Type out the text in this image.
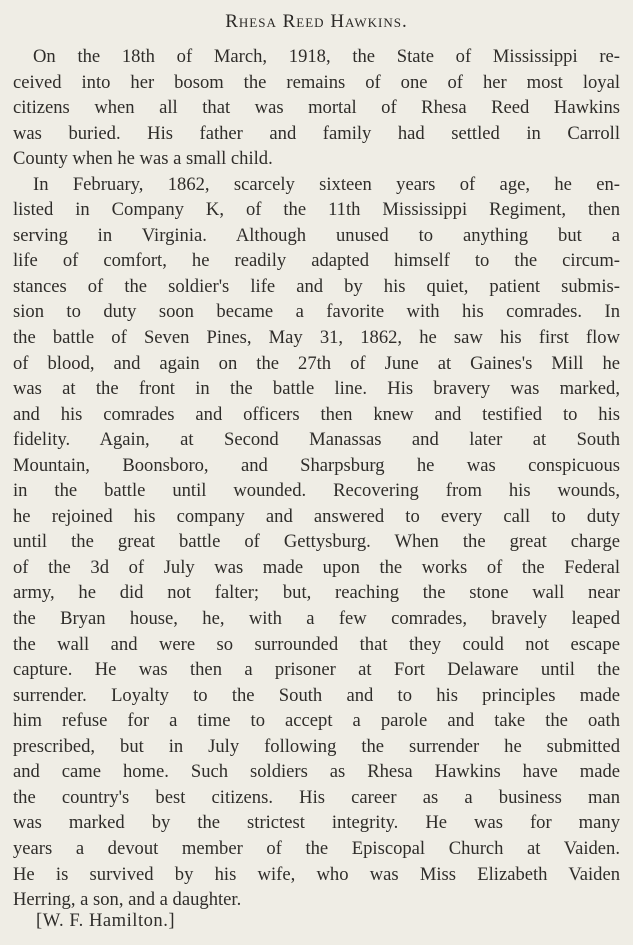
Rhesa Reed Hawkins.
On the 18th of March, 1918, the State of Mississippi re-
ceived into her bosom the remains of one of her most loyal
citizens when all that was mortal of Rhesa Reed Hawkins
was buried. His father and family had settled in Carroll
County when he was a small child.
In February, 1862, scarcely sixteen years of age, he en-
listed in Company K, of the 11th Mississippi Regiment, then
serving in Virginia. Although unused to anything but a
life of comfort, he readily adapted himself to the circum-
stances of the soldier's life and by his quiet, patient submis-
sion to duty soon became a favorite with his comrades. In
the battle of Seven Pines, May 31, 1862, he saw his first flow
of blood, and again on the 27th of June at Gaines's Mill he
was at the front in the battle line. His bravery was marked,
and his comrades and officers then knew and testified to his
fidelity. Again, at Second Manassas and later at South
Mountain, Boonsboro, and Sharpsburg he was conspicuous
in the battle until wounded. Recovering from his wounds,
he rejoined his company and answered to every call to duty
until the great battle of Gettysburg. When the great charge
of the 3d of July was made upon the works of the Federal
army, he did not falter; but, reaching the stone wall near
the Bryan house, he, with a few comrades, bravely leaped
the wall and were so surrounded that they could not escape
capture. He was then a prisoner at Fort Delaware until the
surrender. Loyalty to the South and to his principles made
him refuse for a time to accept a parole and take the oath
prescribed, but in July following the surrender he submitted
and came home. Such soldiers as Rhesa Hawkins have made
the country's best citizens. His career as a business man
was marked by the strictest integrity. He was for many
years a devout member of the Episcopal Church at Vaiden.
He is survived by his wife, who was Miss Elizabeth Vaiden
Herring, a son, and a daughter.
[W. F. Hamilton.]
